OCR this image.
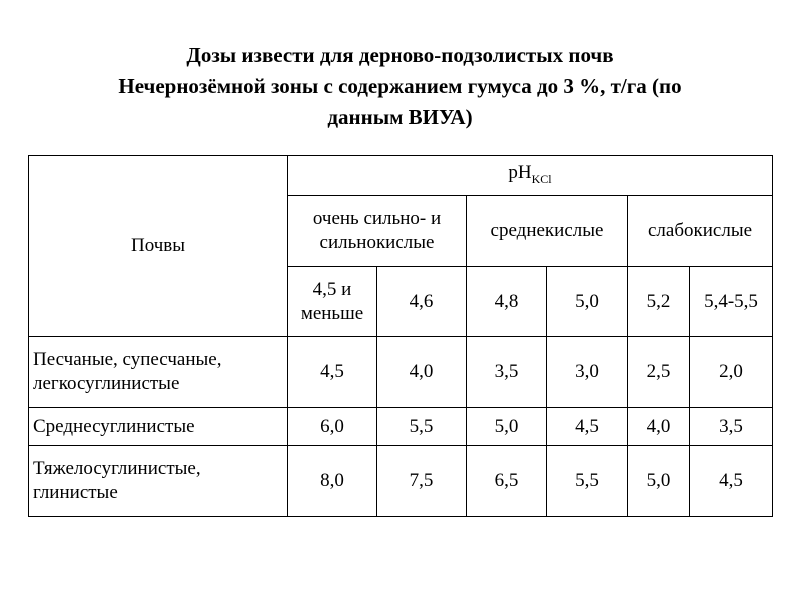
Дозы извести для дерново-подзолистых почв
Нечернозёмной зоны с содержанием гумуса до 3 %, т/га (по
данным ВИУА)
Почвы	$pH_{KCl}$

	очень сильно- и
сильнокислые		среднекислые		слабокислые	

	4,5 и
меньше	4,6	4,8	5,0	5,2	5,4-5,5

Песчаные, супесчаные,
легкосуглинистые	4,5	4,0	3,5	3,0	2,5	2,0
Среднесуглинистые	6,0	5,5	5,0	4,5	4,0	3,5

Тяжелосуглинистые,
глинистые	8,0	7,5	6,5	5,5	5,0	4,5
